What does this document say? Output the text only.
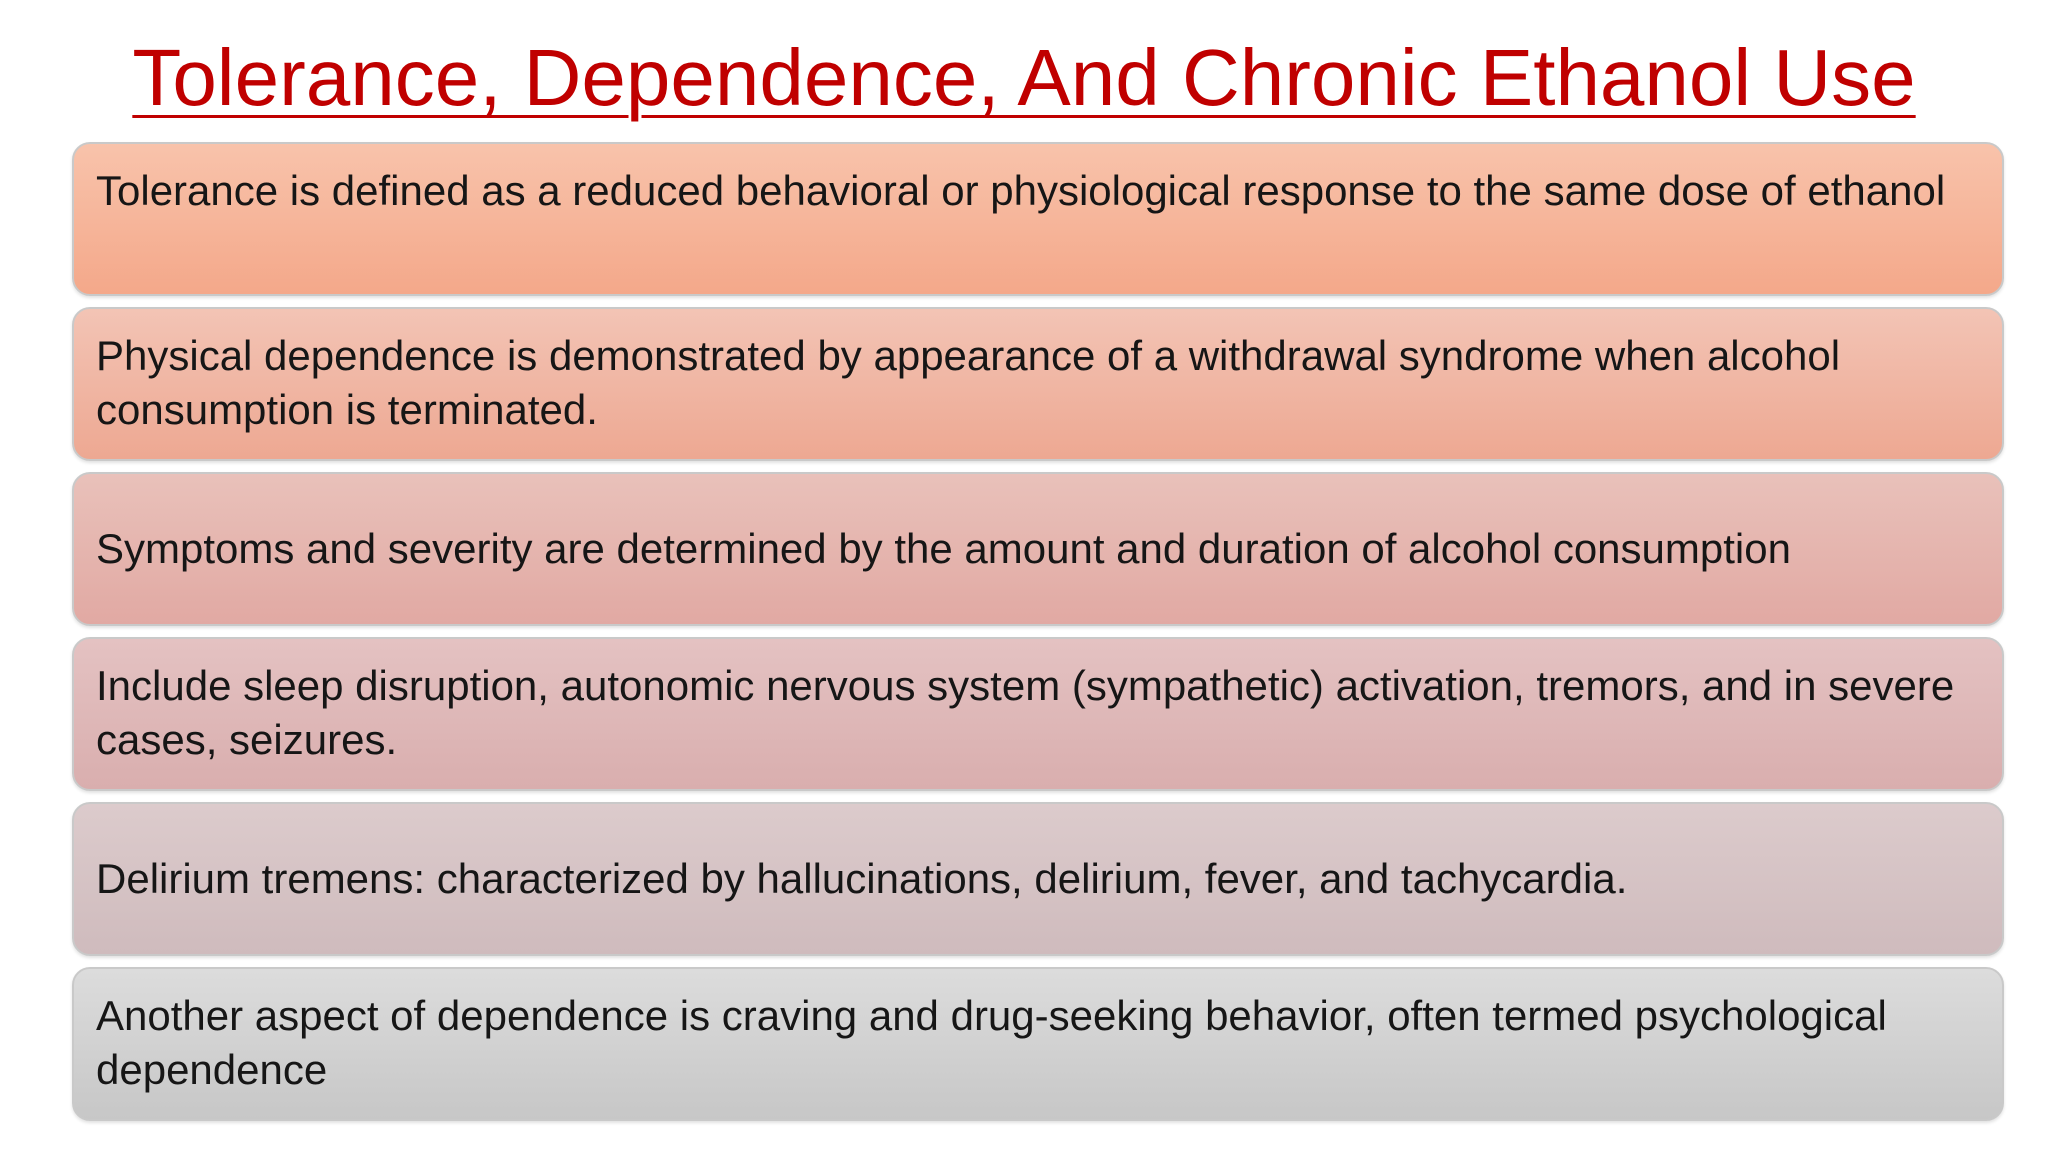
Tolerance, Dependence, And Chronic Ethanol Use
Tolerance is defined as a reduced behavioral or physiological response to the same dose of ethanol
Physical dependence is demonstrated by appearance of a withdrawal syndrome when alcohol consumption is terminated.
Symptoms and severity are determined by the amount and duration of alcohol consumption
Include sleep disruption, autonomic nervous system (sympathetic) activation, tremors, and in severe cases, seizures.
Delirium tremens: characterized by hallucinations, delirium, fever, and tachycardia.
Another aspect of dependence is craving and drug-seeking behavior, often termed psychological dependence
